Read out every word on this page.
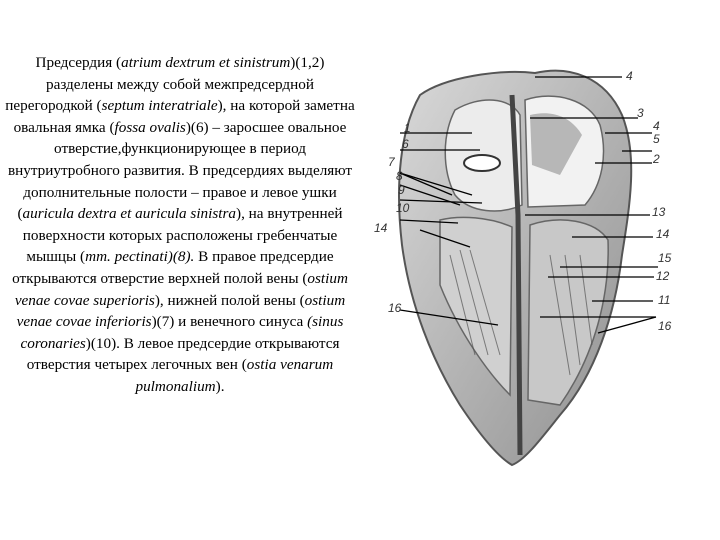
Предсердия (atrium dextrum et sinistrum)(1,2) разделены между собой межпредсердной перегородкой (septum interatriale), на которой заметна овальная ямка (fossa ovalis)(6) – заросшее овальное отверстие,функционирующее в период внутриутробного развития. В предсердиях выделяют дополнительные полости – правое и левое ушки (auricula dextra et auricula sinistra), на внутренней поверхности которых расположены гребенчатые мышцы (mm. pectinati)(8). В правое предсердие открываются отверстие верхней полой вены (ostium venae covae superioris), нижней полой вены (ostium venae covae inferioris)(7) и венечного синуса (sinus coronaries)(10). В левое предсердие открываются отверстия четырех легочных вен (ostia venarum pulmonalium).

4
3
4
5
2
1
6
7
8
9
10
14
13
14
15
12
16
11
16
